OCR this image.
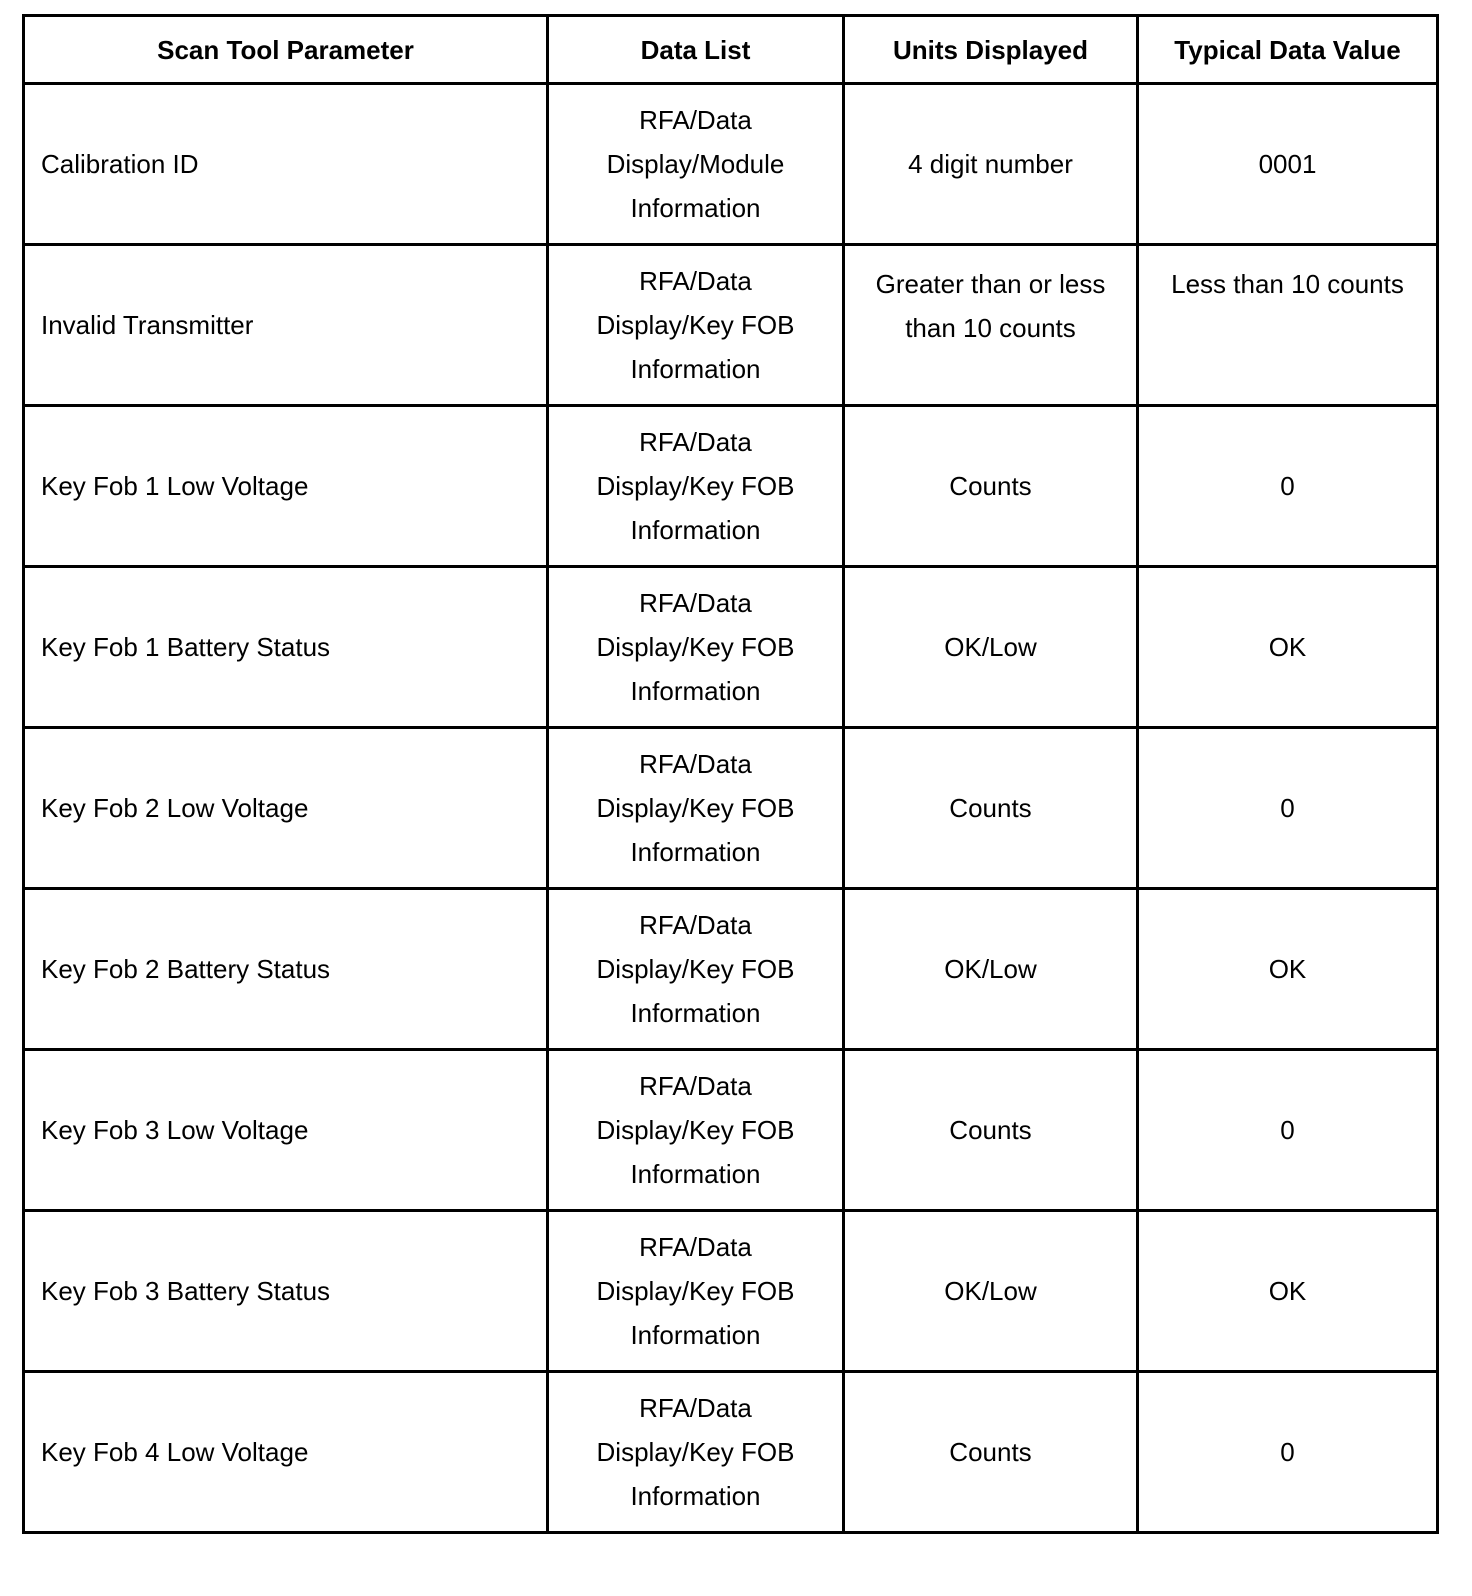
Scan Tool Parameter	Data List	Units Displayed	Typical Data Value

Calibration ID	RFA/Data Display/Module Information	4 digit number	0001

Invalid Transmitter	RFA/Data Display/Key FOB Information	Greater than or less than 10 counts	Less than 10 counts

Key Fob 1 Low Voltage	RFA/Data Display/Key FOB Information	Counts	0

Key Fob 1 Battery Status	RFA/Data Display/Key FOB Information	OK/Low	OK

Key Fob 2 Low Voltage	RFA/Data Display/Key FOB Information	Counts	0

Key Fob 2 Battery Status	RFA/Data Display/Key FOB Information	OK/Low	OK

Key Fob 3 Low Voltage	RFA/Data Display/Key FOB Information	Counts	0

Key Fob 3 Battery Status	RFA/Data Display/Key FOB Information	OK/Low	OK

Key Fob 4 Low Voltage	RFA/Data Display/Key FOB Information	Counts	0
